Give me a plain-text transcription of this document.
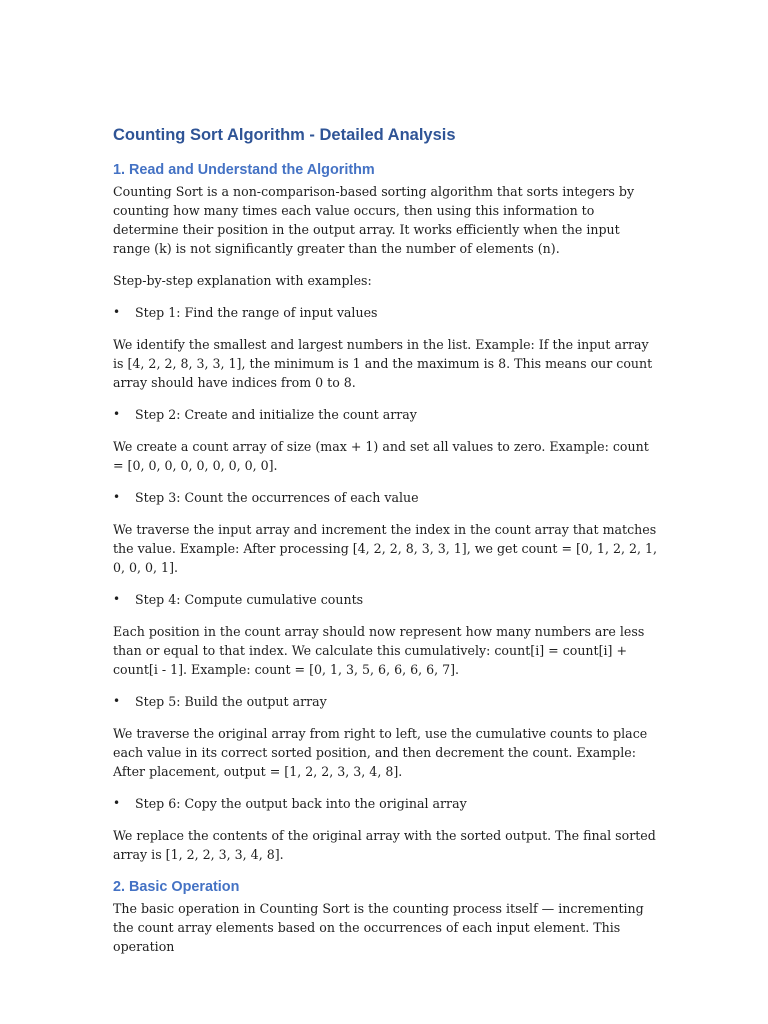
Counting Sort Algorithm - Detailed Analysis
1. Read and Understand the Algorithm

Counting Sort is a non-comparison-based sorting algorithm that sorts integers by counting how many times each value occurs, then using this information to determine their position in the output array. It works efficiently when the input range (k) is not significantly greater than the number of elements (n).

Step-by-step explanation with examples:

• Step 1: Find the range of input values

We identify the smallest and largest numbers in the list. Example: If the input array is [4, 2, 2, 8, 3, 3, 1], the minimum is 1 and the maximum is 8. This means our count array should have indices from 0 to 8.

• Step 2: Create and initialize the count array

We create a count array of size (max + 1) and set all values to zero. Example: count = [0, 0, 0, 0, 0, 0, 0, 0, 0].

• Step 3: Count the occurrences of each value

We traverse the input array and increment the index in the count array that matches the value. Example: After processing [4, 2, 2, 8, 3, 3, 1], we get count = [0, 1, 2, 2, 1, 0, 0, 0, 1].

• Step 4: Compute cumulative counts

Each position in the count array should now represent how many numbers are less than or equal to that index. We calculate this cumulatively: count[i] = count[i] + count[i - 1]. Example: count = [0, 1, 3, 5, 6, 6, 6, 6, 7].

• Step 5: Build the output array

We traverse the original array from right to left, use the cumulative counts to place each value in its correct sorted position, and then decrement the count. Example: After placement, output = [1, 2, 2, 3, 3, 4, 8].

• Step 6: Copy the output back into the original array

We replace the contents of the original array with the sorted output. The final sorted array is [1, 2, 2, 3, 3, 4, 8].

2. Basic Operation

The basic operation in Counting Sort is the counting process itself — incrementing the count array elements based on the occurrences of each input element. This operation
